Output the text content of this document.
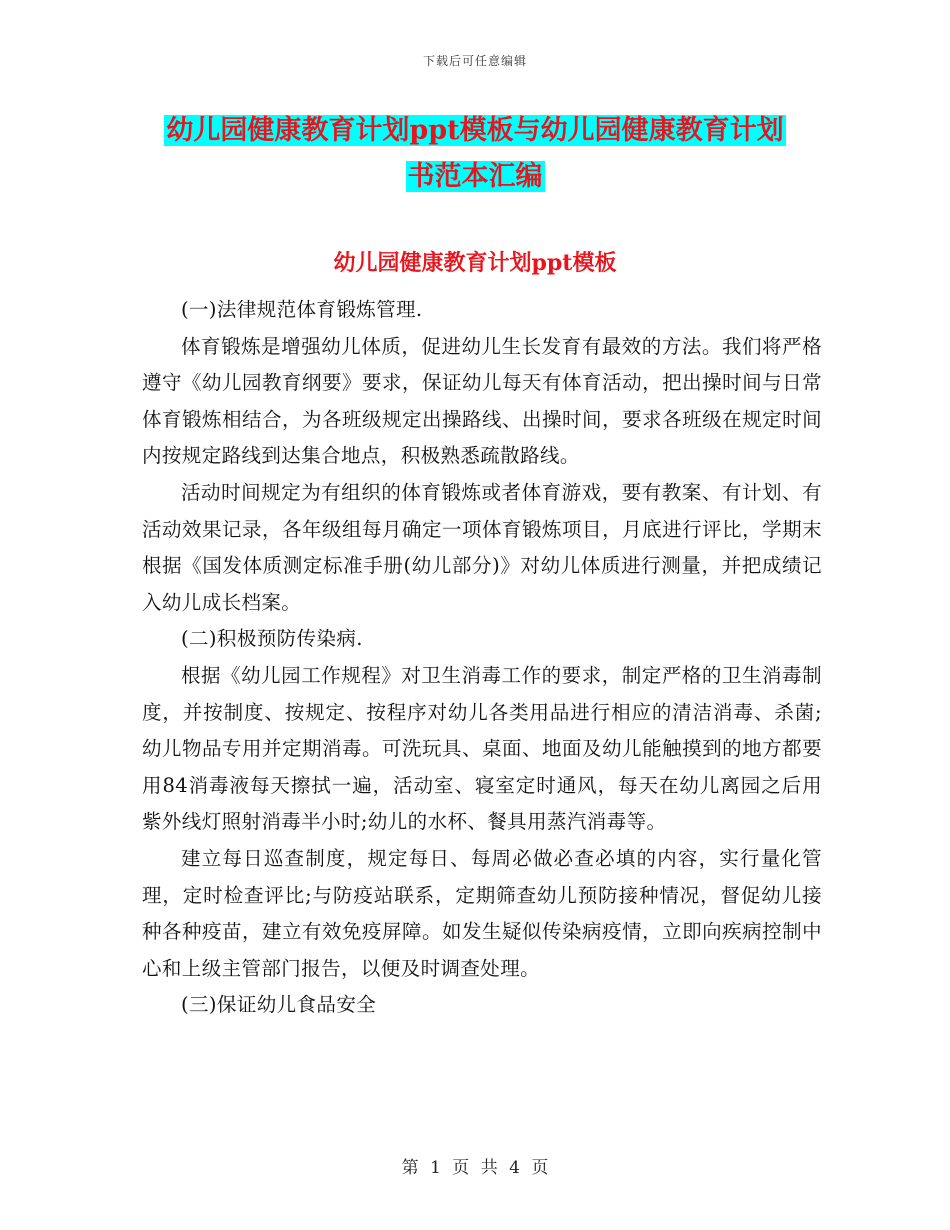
下载后可任意编辑
幼儿园健康教育计划ppt模板与幼儿园健康教育计划
书范本汇编
幼儿园健康教育计划ppt模板

(一)法律规范体育锻炼管理.

体育锻炼是增强幼儿体质，促进幼儿生长发育有最效的方法。我们将严格遵守《幼儿园教育纲要》要求，保证幼儿每天有体育活动，把出操时间与日常体育锻炼相结合，为各班级规定出操路线、出操时间，要求各班级在规定时间内按规定路线到达集合地点，积极熟悉疏散路线。

活动时间规定为有组织的体育锻炼或者体育游戏，要有教案、有计划、有活动效果记录，各年级组每月确定一项体育锻炼项目，月底进行评比，学期末根据《国发体质测定标准手册(幼儿部分)》对幼儿体质进行测量，并把成绩记入幼儿成长档案。

(二)积极预防传染病.

根据《幼儿园工作规程》对卫生消毒工作的要求，制定严格的卫生消毒制度，并按制度、按规定、按程序对幼儿各类用品进行相应的清洁消毒、杀菌;幼儿物品专用并定期消毒。可洗玩具、桌面、地面及幼儿能触摸到的地方都要用84消毒液每天擦拭一遍，活动室、寝室定时通风，每天在幼儿离园之后用紫外线灯照射消毒半小时;幼儿的水杯、餐具用蒸汽消毒等。

建立每日巡查制度，规定每日、每周必做必查必填的内容，实行量化管理，定时检查评比;与防疫站联系，定期筛查幼儿预防接种情况，督促幼儿接种各种疫苗，建立有效免疫屏障。如发生疑似传染病疫情，立即向疾病控制中心和上级主管部门报告，以便及时调查处理。

(三)保证幼儿食品安全

第 1 页 共 4 页
